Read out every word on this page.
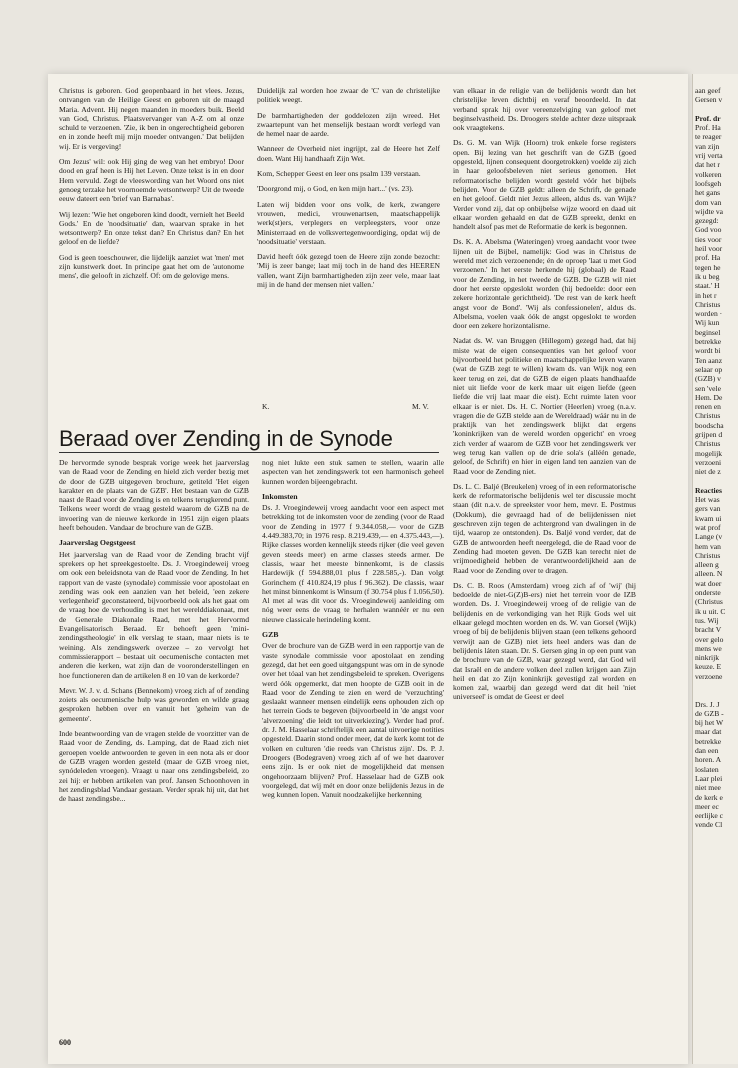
Christus is geboren. God geopenbaard in het vlees. Jezus, ontvangen van de Heilige Geest en geboren uit de maagd Maria. Advent. Hij negen maanden in moeders buik. Beeld van God, Christus. Plaatsvervanger van A-Z om al onze schuld te verzoenen. 'Zie, ik ben in ongerechtigheid geboren en in zonde heeft mij mijn moeder ontvangen.' Dat belijden wij. Er is vergeving!

Om Jezus' wil: ook Hij ging de weg van het embryo! Door dood en graf heen is Hij het Leven. Onze tekst is in en door Hem vervuld. Zegt de vleeswording van het Woord ons niet genoeg terzake het voornoemde wetsontwerp? Uit de tweede eeuw dateert een 'brief van Barnabas'.

Wij lezen: 'Wie het ongeboren kind doodt, vernielt het Beeld Gods.' En de 'noodsituatie' dan, waarvan sprake in het wetsontwerp? En onze tekst dan? En Christus dan? En het geloof en de liefde?

God is geen toeschouwer, die lijdelijk aanziet wat 'men' met zijn kunstwerk doet. In principe gaat het om de 'autonome mens', die gelooft in zichzelf. Of: om de gelovige mens.

Duidelijk zal worden hoe zwaar de 'C' van de christelijke politiek weegt.

De barmhartigheden der goddelozen zijn wreed. Het zwaartepunt van het menselijk bestaan wordt verlegd van de hemel naar de aarde.

Wanneer de Overheid niet ingrijpt, zal de Heere het Zelf doen. Want Hij handhaaft Zijn Wet.

Kom, Schepper Geest en leer ons psalm 139 verstaan.

'Doorgrond mij, o God, en ken mijn hart...' (vs. 23).

Laten wij bidden voor ons volk, de kerk, zwangere vrouwen, medici, vrouwenartsen, maatschappelijk werk(st)ers, verplegers en verpleegsters, voor onze Ministerraad en de volksvertegenwoordiging, opdat wij de 'noodsituatie' verstaan.

David heeft óók gezegd toen de Heere zijn zonde bezocht: 'Mij is zeer bange; laat mij toch in de hand des HEEREN vallen, want Zijn barmhartigheden zijn zeer vele, maar laat mij in de hand der mensen niet vallen.'

K.	M. V.

van elkaar in de religie van de belijdenis wordt dan het christelijke leven dichtbij en veraf beoordeeld. In dat verband sprak hij over vereenzelviging van geloof met beginselvastheid. Ds. Droogers stelde achter deze uitspraak ook vraagtekens.

Ds. G. M. van Wijk (Hoorn) trok enkele forse registers open. Bij lezing van het geschrift van de GZB (goed opgesteld, lijnen consequent doorgetrokken) voelde zij zich in haar geloofsbeleven niet serieus genomen. Het reformatorische belijden wordt gesteld vóór het bijbels belijden. Voor de GZB geldt: alleen de Schrift, de genade en het geloof. Geldt niet Jezus alleen, aldus ds. van Wijk? Verder vond zij, dat op onbijbelse wijze woord en daad uit elkaar worden gehaald en dat de GZB spreekt, denkt en handelt alsof pas met de Reformatie de kerk is begonnen.

Ds. K. A. Abelsma (Wateringen) vroeg aandacht voor twee lijnen uit de Bijbel, namelijk: God was in Christus de wereld met zich verzoenende; én de oproep 'laat u met God verzoenen.' In het eerste herkende hij (globaal) de Raad voor de Zending, in het tweede de GZB. De GZB wil niet door het eerste opgeslokt worden (hij bedoelde: door een zekere horizontale gerichtheid). 'De rest van de kerk heeft angst voor de Bond'. 'Wij als confessionelen', aldus ds. Albelsma, voelen vaak óók de angst opgeslokt te worden door een zekere horizontalisme.

Nadat ds. W. van Bruggen (Hillegom) gezegd had, dat hij miste wat de eigen consequenties van het geloof voor bijvoorbeeld het politieke en maatschappelijke leven waren (wat de GZB zegt te willen) kwam ds. van Wijk nog een keer terug en zei, dat de GZB de eigen plaats handhaafde niet uit liefde voor de kerk maar uit eigen liefde (geen liefde die vrij laat maar die eist). Echt ruimte laten voor elkaar is er niet. Ds. H. C. Nortier (Heerlen) vroeg (n.a.v. vragen die de GZB stelde aan de Wereldraad) wáár nu in de praktijk van het zendingswerk blijkt dat ergens 'koninkrijken van de wereld worden opgericht' en vroeg zich verder af waarom de GZB voor het zendingswerk ver weg terug kan vallen op de drie sola's (alléén genade, geloof, de Schrift) en hier in eigen land ten aanzien van de Raad voor de Zending niet.

Ds. L. C. Baljé (Breukelen) vroeg of in een reformatorische kerk de reformatorische belijdenis wel ter discussie mocht staan (dit n.a.v. de spreekster voor hem, mevr. E. Postmus (Dokkum), die gevraagd had of de belijdenissen niet geschreven zijn tegen de achtergrond van dwalingen in de tijd, waarop ze ontstonden). Ds. Baljé vond verder, dat de GZB de antwoorden heeft neergelegd, die de Raad voor de Zending had moeten geven. De GZB kan terecht niet de vrijmoedigheid hebben de verantwoordelijkheid aan de Raad voor de Zending over te dragen.

Ds. C. B. Roos (Amsterdam) vroeg zich af of 'wij' (hij bedoelde de niet-G(Z)B-ers) niet het terrein voor de IZB worden. Ds. J. Vroegindeweij vroeg of de religie van de belijdenis en de verkondiging van het Rijk Gods wel uit elkaar gelegd mochten worden en ds. W. van Gorsel (Wijk) vroeg of bij de belijdenis blijven staan (een telkens gehoord verwijt aan de GZB) niet iets heel anders was dan de belijdenis láten staan. Dr. S. Gersen ging in op een punt van de brochure van de GZB, waar gezegd werd, dat God wil dat Israël en de andere volken deel zullen krijgen aan Zijn heil en dat zo Zijn koninkrijk gevestigd zal worden en komen zal, waarbij dan gezegd werd dat dit heil 'niet universeel' is omdat de Geest er deel

Beraad over Zending in de Synode

De hervormde synode besprak vorige week het jaarverslag van de Raad voor de Zending en hield zich verder bezig met de door de GZB uitgegeven brochure, getiteld 'Het eigen karakter en de plaats van de GZB'. Het bestaan van de GZB naast de Raad voor de Zending is en telkens terugkerend punt. Telkens weer wordt de vraag gesteld waarom de GZB na de invoering van de nieuwe kerkorde in 1951 zijn eigen plaats heeft behouden. Vandaar de brochure van de GZB.

Jaarverslag Oegstgeest

Het jaarverslag van de Raad voor de Zending bracht vijf sprekers op het spreekgestoelte. Ds. J. Vroegindeweij vroeg om ook een beleidsnota van de Raad voor de Zending. In het rapport van de vaste (synodale) commissie voor apostolaat en zending was ook een aanzien van het beleid, 'een zekere verlegenheid' geconstateerd, bijvoorbeeld ook als het gaat om de vraag hoe de verhouding is met het werelddiakonaat, met de Generale Diakonale Raad, met het Hervormd Evangelisatorisch Beraad. Er behoeft geen 'mini-zendingstheologie' in elk verslag te staan, maar niets is te weining. Als zendingswerk overzee – zo vervolgt het commissierapport – bestaat uit oecumenische contacten met anderen die kerken, wat zijn dan de vooronderstellingen en hoe functioneren dan de artikelen 8 en 10 van de kerkorde?

Mevr. W. J. v. d. Schans (Bennekom) vroeg zich af of zending zoiets als oecumenische hulp was geworden en wilde graag gesproken hebben over en vanuit het 'geheim van de gemeente'.

Inde beantwoording van de vragen stelde de voorzitter van de Raad voor de Zending, ds. Lamping, dat de Raad zich niet geroepen voelde antwoorden te geven in een nota als er door de GZB vragen worden gesteld (maar de GZB vroeg niet, synódeleden vroegen). Vraagt u naar ons zendingsbeleid, zo zei hij: er hebben artikelen van prof. Jansen Schoonhoven in het zendingsblad Vandaar gestaan. Verder sprak hij uit, dat het de haast zendingsbe...

nog niet lukte een stuk samen te stellen, waarin alle aspecten van het zendingswerk tot een harmonisch geheel kunnen worden bijeengebracht.

Inkomsten

Ds. J. Vroegindeweij vroeg aandacht voor een aspect met betrekking tot de inkomsten voor de zending (voor de Raad voor de Zending in 1977 f 9.344.058,— voor de GZB 4.449.383,70; in 1976 resp. 8.219.439,— en 4.375.443,—). Rijke classes worden kennelijk steeds rijker (die veel geven geven steeds meer) en arme classes steeds armer. De classis, waar het meeste binnenkomt, is de classis Hardewijk (f 594.888,01 plus f 228.585,-). Dan volgt Gorinchem (f 410.824,19 plus f 96.362). De classis, waar het minst binnenkomt is Winsum (f 30.754 plus f 1.056,50). Al met al was dit voor ds. Vroegindeweij aanleiding om nóg weer eens de vraag te herhalen wannéér er nu een nieuwe classicale herindeling komt.

GZB

Over de brochure van de GZB werd in een rapportje van de vaste synodale commissie voor apostolaat en zending gezegd, dat het een goed uitgangspunt was om in de synode over het tóaal van het zendingsbeleid te spreken. Overigens werd óók opgemerkt, dat men hoopte de GZB ooit in de Raad voor de Zending te zien en werd de 'verzuchting' geslaakt wanneer mensen eindelijk eens ophouden zich op het terrein Gods te begeven (bijvoorbeeld in 'de angst voor 'alverzoening' die leidt tot uitverkiezing'). Verder had prof. dr. J. M. Hasselaar schriftelijk een aantal uitvoerige notities opgesteld. Daarin stond onder meer, dat de kerk komt tot de volken en culturen 'die reeds van Christus zijn'. Ds. P. J. Droogers (Bodegraven) vroeg zich af of we het daarover eens zijn. Is er ook niet de mogelijkheid dat mensen ongehoorzaam blijven? Prof. Hasselaar had de GZB ook voorgelegd, dat wij mét en door onze belijdenis Jezus in de weg kunnen lopen. Vanuit noodzakelijke herkenning

600
aan geef
Gersen v

Prof. dr
Prof. Ha
te reager
van zijn
vrij verta
dat het r
volkeren
loofsgeh
het gans
dom van
wijdte va
gezegd:
God voo
ties voor
heil voor
prof. Ha
tegen he
ik u beg
staat.' H
in het r
Christus
worden ·
Wij kun
beginsel
betrekke
wordt bi
Ten aanz
selaar op
(GZB) v
sen 'vele
Hem. De
renen en
Christus
boodscha
grijpen d
Christus
mogelijk
verzoeni
niet de z

Reacties
Het was
gers van
kwam ui
wat prof
Lange (v
hem van
Christus
alleen g
alleen. N
wat doer
onderste
(Christus
ik u uit. C
tus. Wij
bracht V
over gelo
mens we
ninkrijk
keuze. E
verzoene

Drs. J. J
de GZB -
bij het W
maar dat
betrekke
dan een
horen. A
loslaten
Laar plei
niet mee
de kerk e
meer ec
eerlijke c
vende Cl
